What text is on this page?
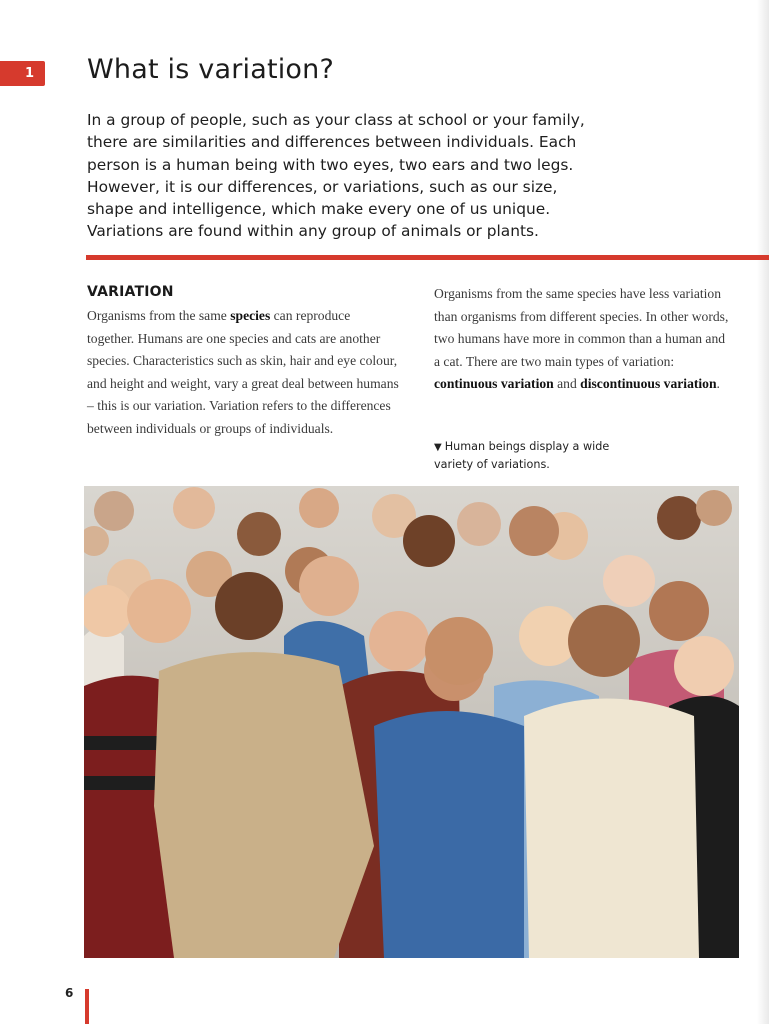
1 What is variation?

In a group of people, such as your class at school or your family, there are similarities and differences between individuals. Each person is a human being with two eyes, two ears and two legs. However, it is our differences, or variations, such as our size, shape and intelligence, which make every one of us unique. Variations are found within any group of animals or plants.

VARIATION

Organisms from the same species can reproduce together. Humans are one species and cats are another species. Characteristics such as skin, hair and eye colour, and height and weight, vary a great deal between humans – this is our variation. Variation refers to the differences between individuals or groups of individuals.

Organisms from the same species have less variation than organisms from different species. In other words, two humans have more in common than a human and a cat. There are two main types of variation: continuous variation and discontinuous variation.

▼ Human beings display a wide variety of variations.

6
